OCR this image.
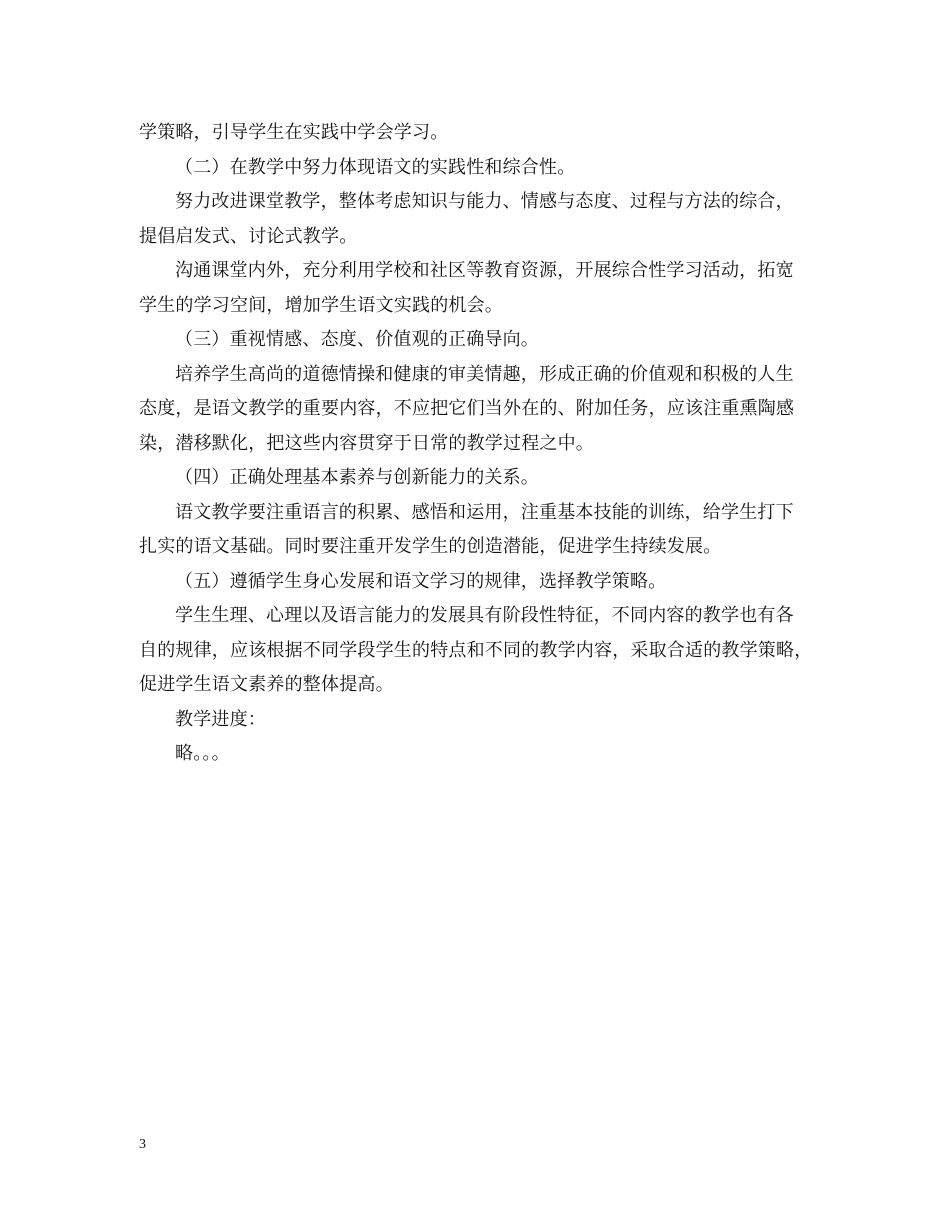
学策略，引导学生在实践中学会学习。
（二）在教学中努力体现语文的实践性和综合性。
努力改进课堂教学，整体考虑知识与能力、情感与态度、过程与方法的综合，
提倡启发式、讨论式教学。
沟通课堂内外，充分利用学校和社区等教育资源，开展综合性学习活动，拓宽
学生的学习空间，增加学生语文实践的机会。
（三）重视情感、态度、价值观的正确导向。
培养学生高尚的道德情操和健康的审美情趣，形成正确的价值观和积极的人生
态度，是语文教学的重要内容，不应把它们当外在的、附加任务，应该注重熏陶感
染，潜移默化，把这些内容贯穿于日常的教学过程之中。
（四）正确处理基本素养与创新能力的关系。
语文教学要注重语言的积累、感悟和运用，注重基本技能的训练，给学生打下
扎实的语文基础。同时要注重开发学生的创造潜能，促进学生持续发展。
（五）遵循学生身心发展和语文学习的规律，选择教学策略。
学生生理、心理以及语言能力的发展具有阶段性特征，不同内容的教学也有各
自的规律，应该根据不同学段学生的特点和不同的教学内容，采取合适的教学策略，
促进学生语文素养的整体提高。
教学进度：
略。。。
3
